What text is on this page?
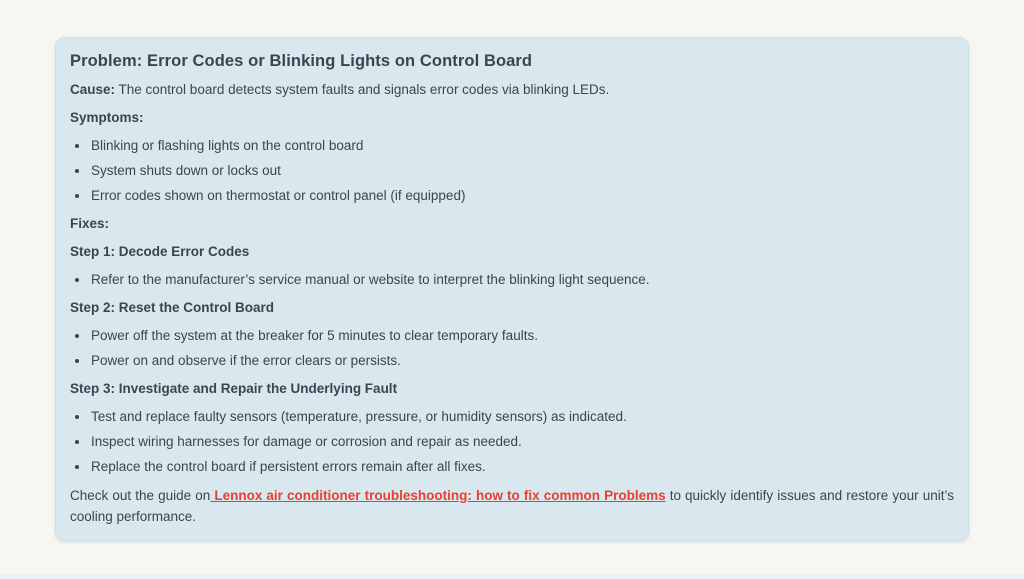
Problem: Error Codes or Blinking Lights on Control Board

Cause: The control board detects system faults and signals error codes via blinking LEDs.

Symptoms:

Blinking or flashing lights on the control board
System shuts down or locks out
Error codes shown on thermostat or control panel (if equipped)

Fixes:

Step 1: Decode Error Codes

Refer to the manufacturer’s service manual or website to interpret the blinking light sequence.

Step 2: Reset the Control Board

Power off the system at the breaker for 5 minutes to clear temporary faults.
Power on and observe if the error clears or persists.

Step 3: Investigate and Repair the Underlying Fault

Test and replace faulty sensors (temperature, pressure, or humidity sensors) as indicated.
Inspect wiring harnesses for damage or corrosion and repair as needed.
Replace the control board if persistent errors remain after all fixes.

Check out the guide on Lennox air conditioner troubleshooting: how to fix common Problems to quickly identify issues and restore your unit’s cooling performance.
